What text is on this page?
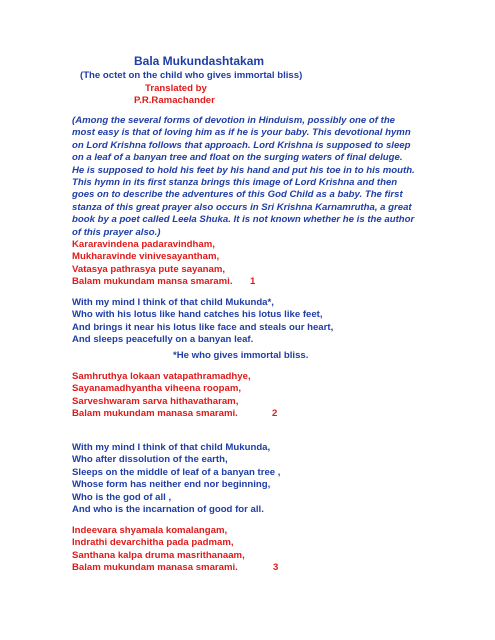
Bala Mukundashtakam
(The octet on the child who gives immortal bliss)
Translated by
P.R.Ramachander
(Among the several forms of devotion in Hinduism, possibly one of the
most easy is that of loving him as if he is your baby. This devotional hymn
on Lord Krishna follows that approach. Lord Krishna is supposed to sleep
on a leaf of a banyan tree and float on the surging waters of final deluge.
He is supposed to hold his feet by his hand and put his toe in to his mouth.
This hymn in its first stanza brings this image of Lord Krishna and then
goes on to describe the adventures of this God Child as a baby. The first
stanza of this great prayer also occurs in Sri Krishna Karnamrutha, a great
book by a poet called Leela Shuka. It is not known whether he is the author
of this prayer also.)
Kararavindena padaravindham,
Mukharavinde vinivesayantham,
Vatasya pathrasya pute sayanam,
Balam mukundam mansa smarami. 1
With my mind I think of that child Mukunda*,
Who with his lotus like hand catches his lotus like feet,
And brings it near his lotus like face and steals our heart,
And sleeps peacefully on a banyan leaf.
*He who gives immortal bliss.
Samhruthya lokaan vatapathramadhye,
Sayanamadhyantha viheena roopam,
Sarveshwaram sarva hithavatharam,
Balam mukundam manasa smarami.	2
With my mind I think of that child Mukunda,
Who after dissolution of the earth,
Sleeps on the middle of leaf of a banyan tree ,
Whose form has neither end nor beginning,
Who is the god of all ,
And who is the incarnation of good for all.
Indeevara shyamala komalangam,
Indrathi devarchitha pada padmam,
Santhana kalpa druma masrithanaam,
Balam mukundam manasa smarami.	3
